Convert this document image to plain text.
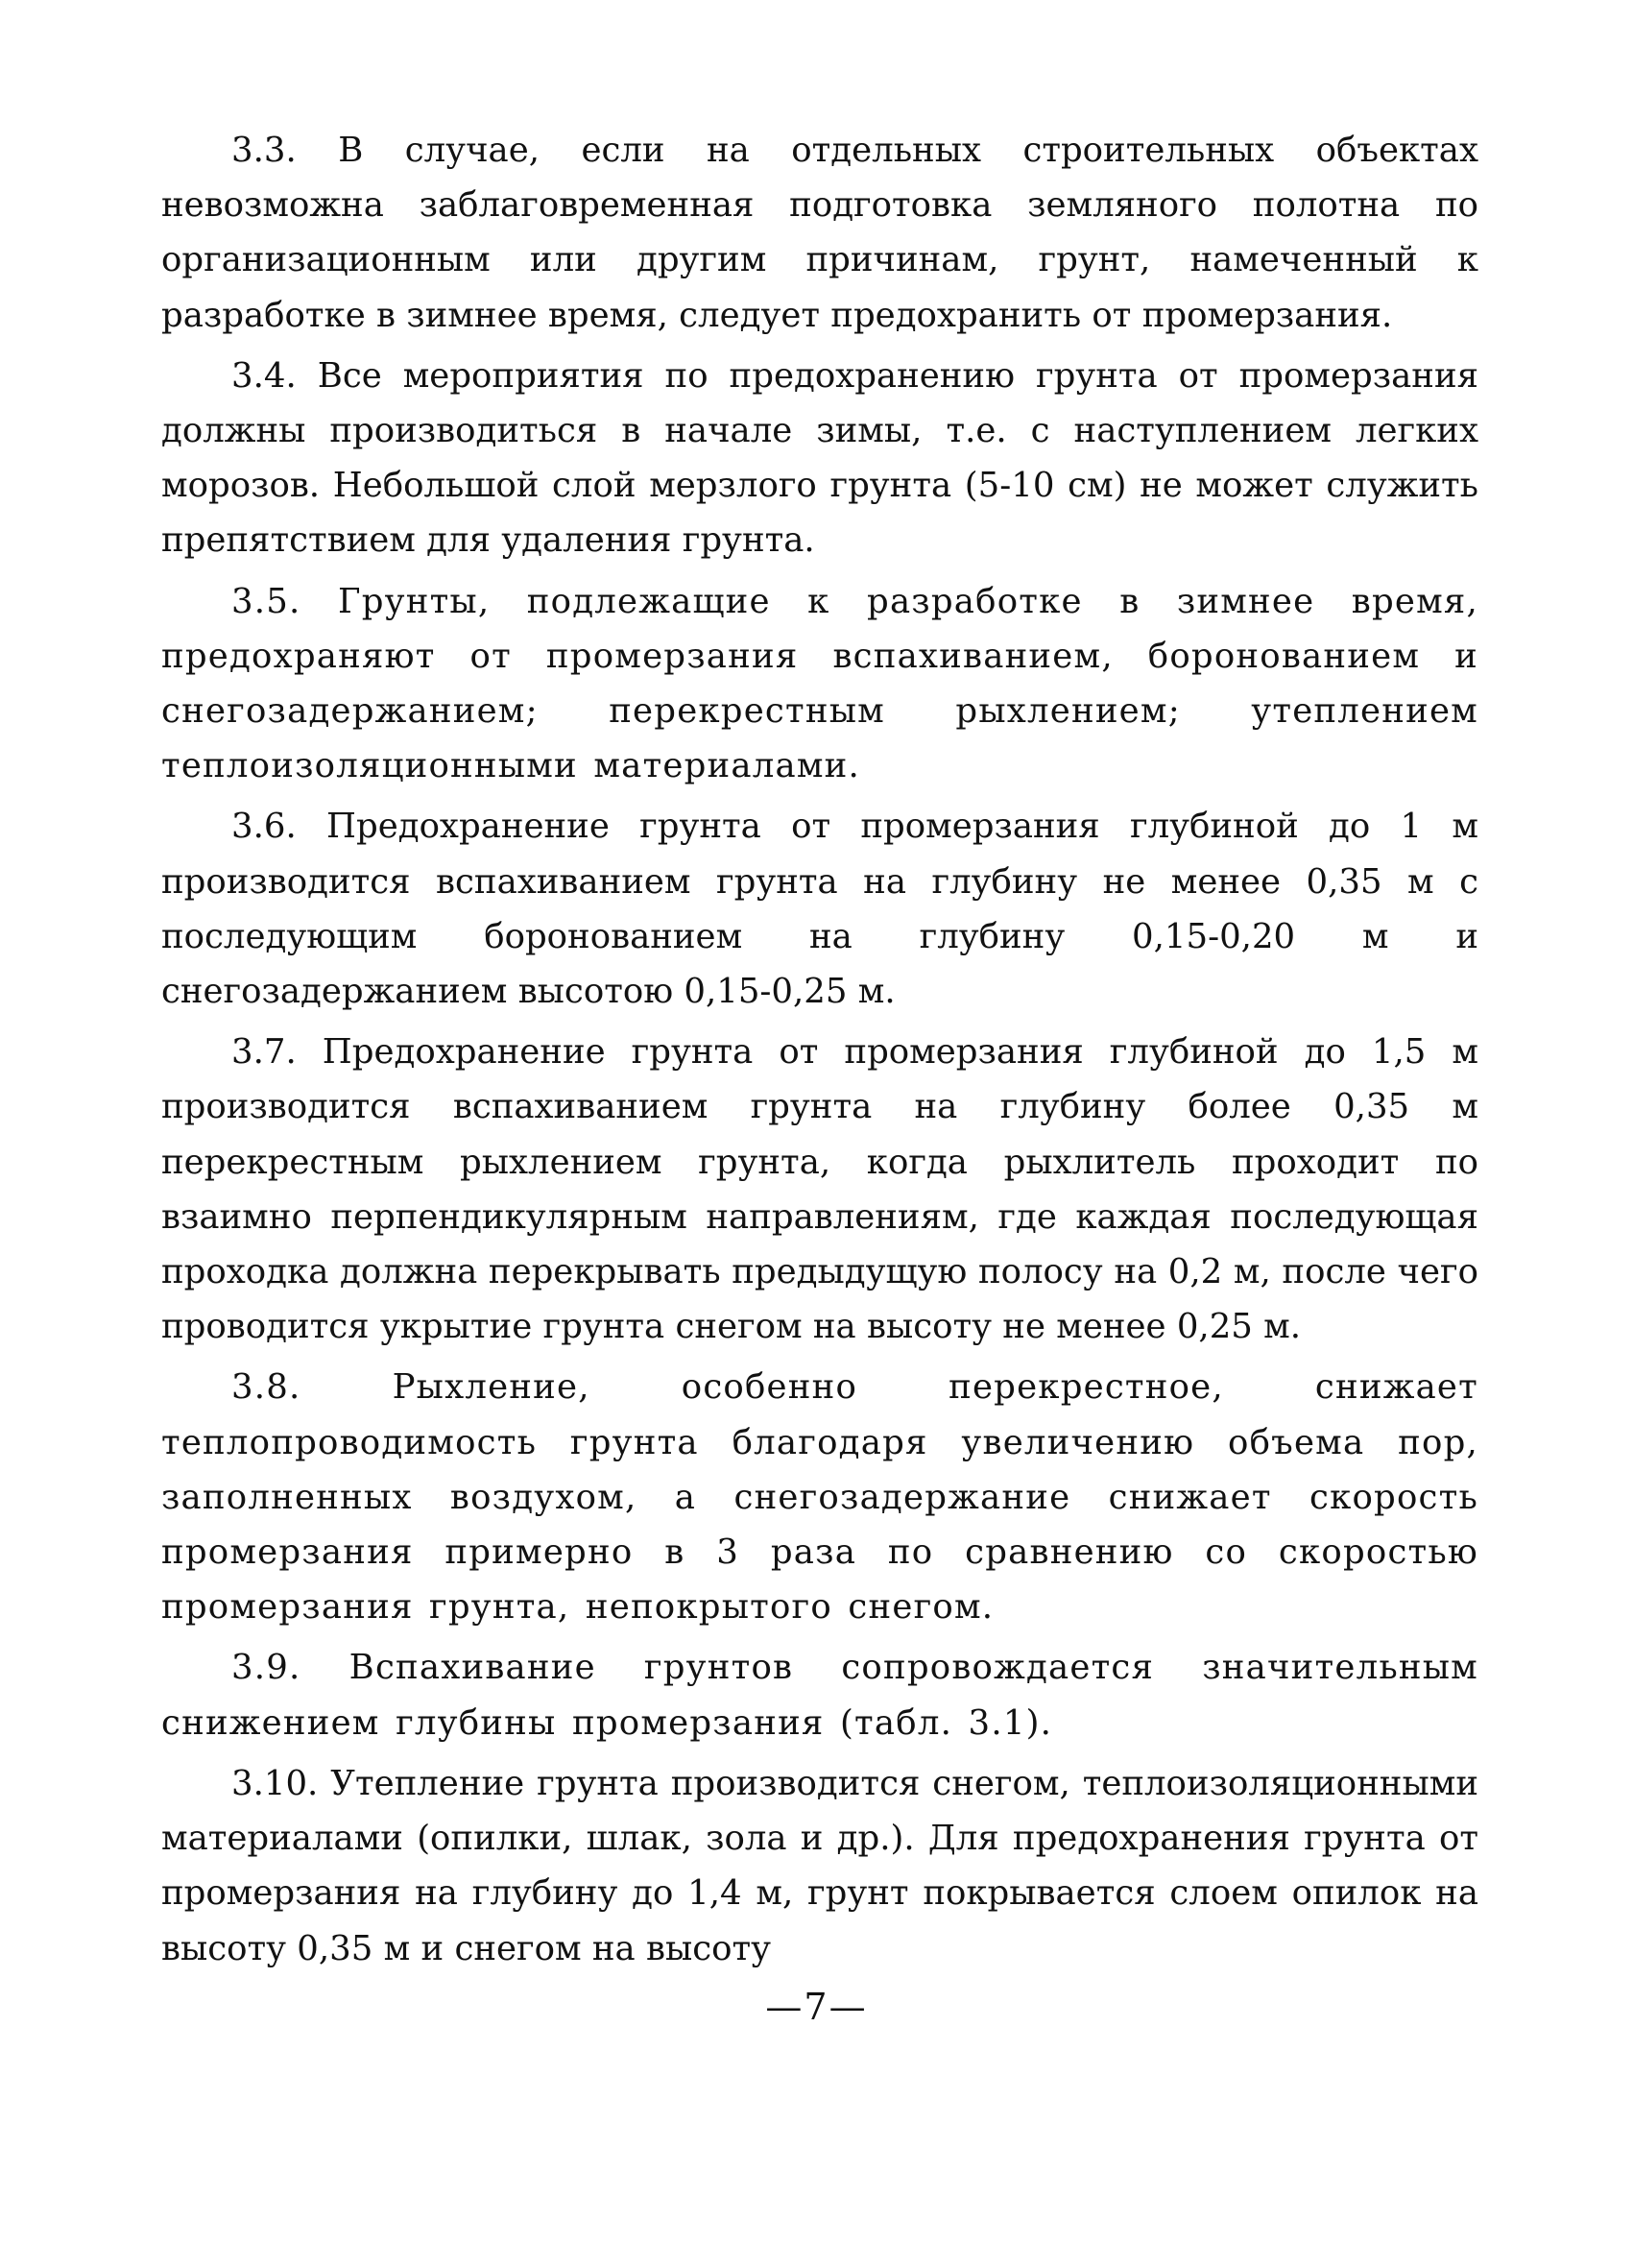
3.3. В случае, если на отдельных строительных объектах невозможна заблаговременная подготовка земляного полотна по организационным или другим причинам, грунт, намеченный к разработке в зимнее время, следует предохранить от промерзания.

3.4. Все мероприятия по предохранению грунта от промерзания должны производиться в начале зимы, т.е. с наступлением легких морозов. Небольшой слой мерзлого грунта (5-10 см) не может служить препятствием для удаления грунта.

3.5. Грунты, подлежащие к разработке в зимнее время, предохраняют от промерзания вспахиванием, боронованием и снегозадержанием; перекрестным рыхлением; утеплением теплоизоляционными материалами.

3.6. Предохранение грунта от промерзания глубиной до 1 м производится вспахиванием грунта на глубину не менее 0,35 м с последующим боронованием на глубину 0,15-0,20 м и снегозадержанием высотою 0,15-0,25 м.

3.7. Предохранение грунта от промерзания глубиной до 1,5 м производится вспахиванием грунта на глубину более 0,35 м перекрестным рыхлением грунта, когда рыхлитель проходит по взаимно перпендикулярным направлениям, где каждая последующая проходка должна перекрывать предыдущую полосу на 0,2 м, после чего проводится укрытие грунта снегом на высоту не менее 0,25 м.

3.8. Рыхление, особенно перекрестное, снижает теплопроводимость грунта благодаря увеличению объема пор, заполненных воздухом, а снегозадержание снижает скорость промерзания примерно в 3 раза по сравнению со скоростью промерзания грунта, непокрытого снегом.

3.9. Вспахивание грунтов сопровождается значительным снижением глубины промерзания (табл. 3.1).

3.10. Утепление грунта производится снегом, теплоизоляционными материалами (опилки, шлак, зола и др.). Для предохранения грунта от промерзания на глубину до 1,4 м, грунт покрывается слоем опилок на высоту 0,35 м и снегом на высоту

—7—
